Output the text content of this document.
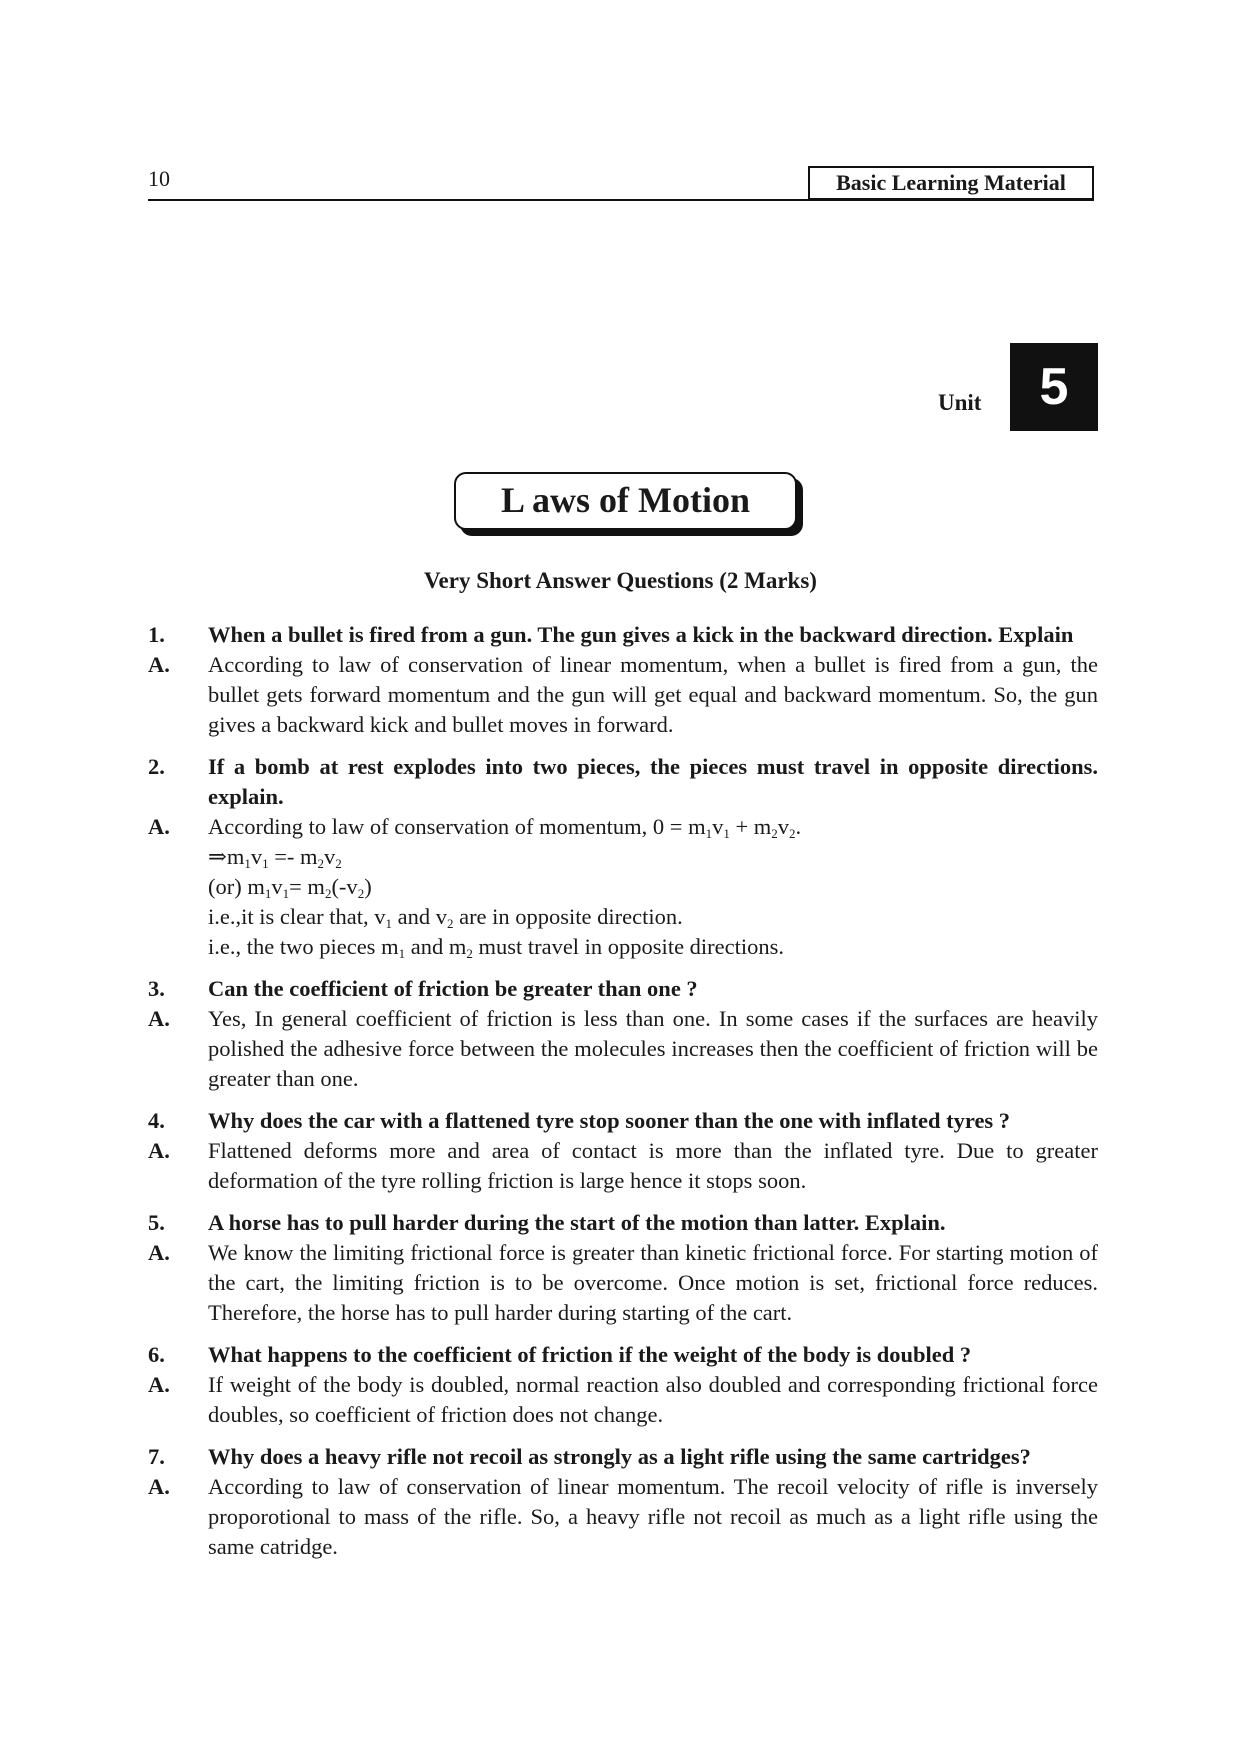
10	Basic Learning Material
Unit	5
L aws of Motion
Very Short Answer Questions (2 Marks)
1.	When a bullet is fired from a gun. The gun gives a kick in the backward direction. Explain
A.	According to law of conservation of linear momentum, when a bullet is fired from a gun, the bullet gets forward momentum and the gun will get equal and backward momentum. So, the gun gives a backward kick and bullet moves in forward.
2.	If a bomb at rest explodes into two pieces, the pieces must travel in opposite directions. explain.
A.	According to law of conservation of momentum, $0 = m_1v_1 + m_2v_2$.
$\Rightarrow m_1v_1 =- m_2v_2$
(or) $m_1v_1= m_2(-v_2)$
i.e.,it is clear that, $v_1$ and $v_2$ are in opposite direction.
i.e., the two pieces $m_1$ and $m_2$ must travel in opposite directions.
3.	Can the coefficient of friction be greater than one ?
A.	Yes, In general coefficient of friction is less than one. In some cases if the surfaces are heavily polished the adhesive force between the molecules increases then the coefficient of friction will be greater than one.
4.	Why does the car with a flattened tyre stop sooner than the one with inflated tyres ?
A.	Flattened deforms more and area of contact is more than the inflated tyre. Due to greater deformation of the tyre rolling friction is large hence it stops soon.
5.	A horse has to pull harder during the start of the motion than latter. Explain.
A.	We know the limiting frictional force is greater than kinetic frictional force. For starting motion of the cart, the limiting friction is to be overcome. Once motion is set, frictional force reduces. Therefore, the horse has to pull harder during starting of the cart.
6.	What happens to the coefficient of friction if the weight of the body is doubled ?
A.	If weight of the body is doubled, normal reaction also doubled and corresponding frictional force doubles, so coefficient of friction does not change.
7.	Why does a heavy rifle not recoil as strongly as a light rifle using the same cartridges?
A.	According to law of conservation of linear momentum. The recoil velocity of rifle is inversely proporotional to mass of the rifle. So, a heavy rifle not recoil as much as a light rifle using the same catridge.
